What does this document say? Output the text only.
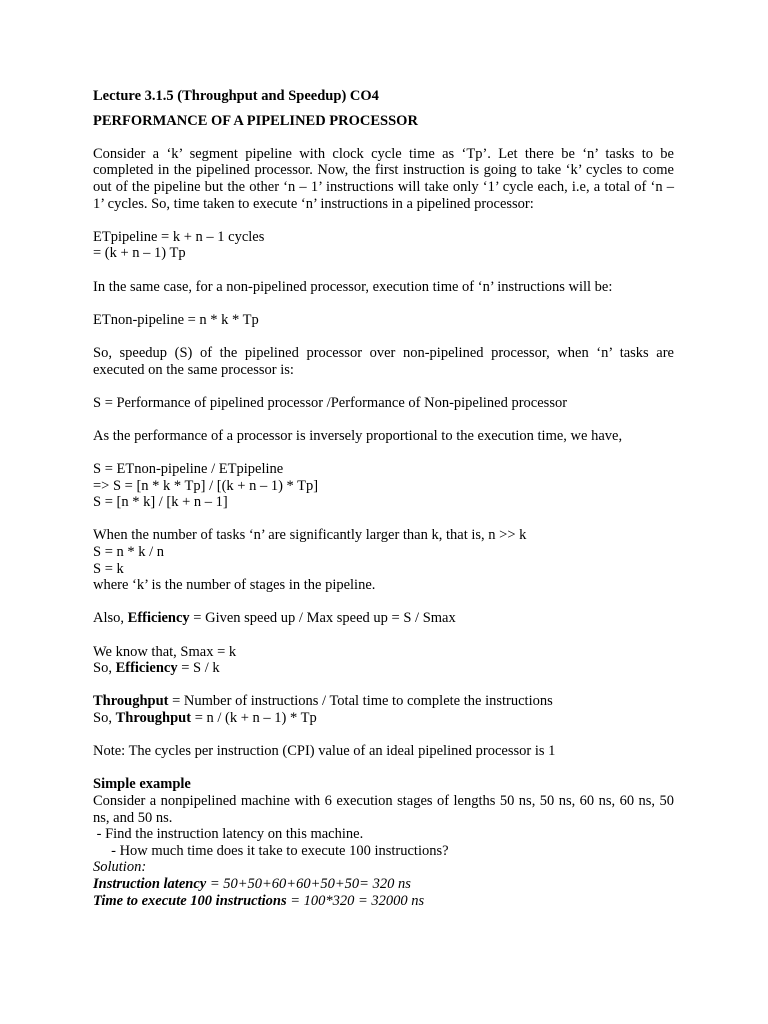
Lecture 3.1.5 (Throughput and Speedup) CO4

PERFORMANCE OF A PIPELINED PROCESSOR

Consider a ‘k’ segment pipeline with clock cycle time as ‘Tp’. Let there be ‘n’ tasks to be completed in the pipelined processor. Now, the first instruction is going to take ‘k’ cycles to come out of the pipeline but the other ‘n – 1’ instructions will take only ‘1’ cycle each, i.e, a total of ‘n – 1’ cycles. So, time taken to execute ‘n’ instructions in a pipelined processor:

ETpipeline = k + n – 1 cycles
= (k + n – 1) Tp
In the same case, for a non-pipelined processor, execution time of ‘n’ instructions will be:
ETnon-pipeline = n * k * Tp

So, speedup (S) of the pipelined processor over non-pipelined processor, when ‘n’ tasks are executed on the same processor is:

S = Performance of pipelined processor /Performance of Non-pipelined processor
As the performance of a processor is inversely proportional to the execution time, we have,
S = ETnon-pipeline / ETpipeline
=> S = [n * k * Tp] / [(k + n – 1) * Tp]
S = [n * k] / [k + n – 1]
When the number of tasks ‘n’ are significantly larger than k, that is, n >> k
S = n * k / n
S = k
where ‘k’ is the number of stages in the pipeline.
Also, Efficiency = Given speed up / Max speed up = S / Smax
We know that, Smax = k
So, Efficiency = S / k
Throughput = Number of instructions / Total time to complete the instructions
So, Throughput = n / (k + n – 1) * Tp
Note: The cycles per instruction (CPI) value of an ideal pipelined processor is 1
Simple example

Consider a nonpipelined machine with 6 execution stages of lengths 50 ns, 50 ns, 60 ns, 60 ns, 50 ns, and 50 ns.

- Find the instruction latency on this machine.
- How much time does it take to execute 100 instructions?
Solution:
Instruction latency = 50+50+60+60+50+50= 320 ns
Time to execute 100 instructions = 100*320 = 32000 ns
